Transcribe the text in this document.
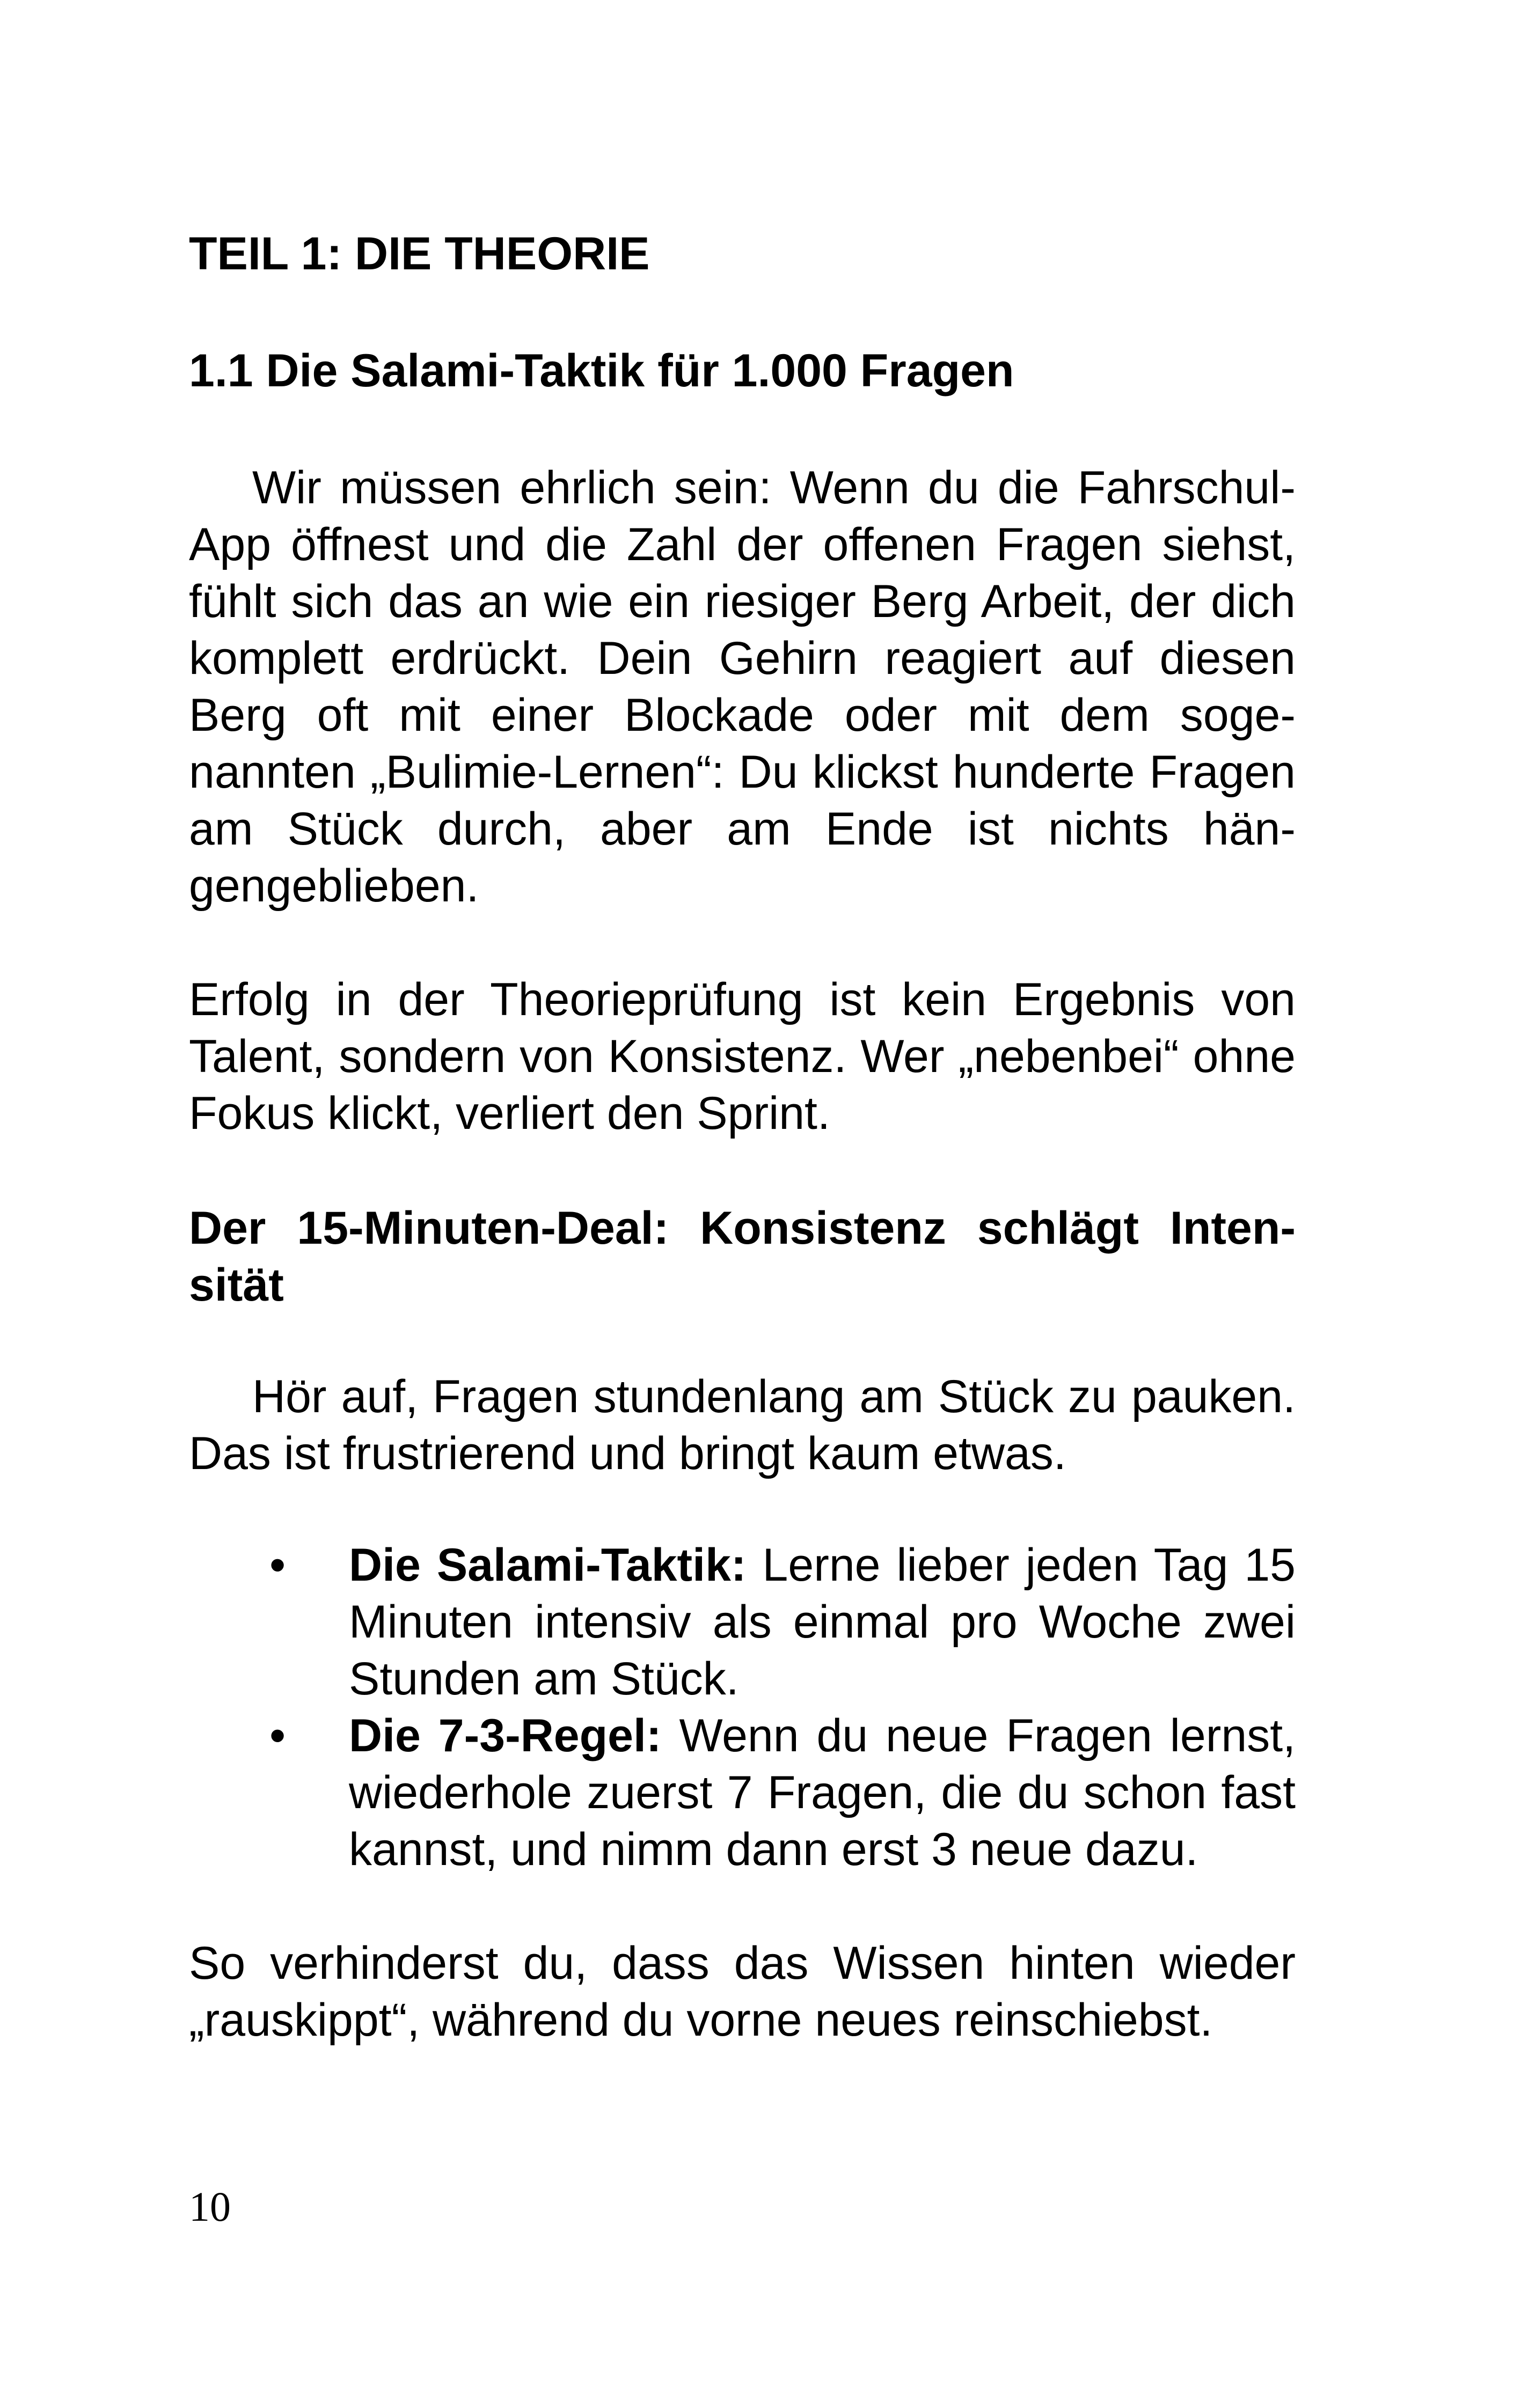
TEIL 1: DIE THEORIE
1.1 Die Salami-Taktik für 1.000 Fragen

Wir müssen ehrlich sein: Wenn du die Fahrschul-App öffnest und die Zahl der offenen Fragen siehst, fühlt sich das an wie ein riesiger Berg Arbeit, der dich komplett erdrückt. Dein Gehirn reagiert auf diesen Berg oft mit einer Blockade oder mit dem sogenannten „Bulimie-Lernen“: Du klickst hunderte Fragen am Stück durch, aber am Ende ist nichts hängengeblieben.

Erfolg in der Theorieprüfung ist kein Ergebnis von Talent, sondern von Konsistenz. Wer „nebenbei“ ohne Fokus klickt, verliert den Sprint.

Der 15-Minuten-Deal: Konsistenz schlägt Intensität

Hör auf, Fragen stundenlang am Stück zu pauken. Das ist frustrierend und bringt kaum etwas.

• Die Salami-Taktik: Lerne lieber jeden Tag 15 Minuten intensiv als einmal pro Woche zwei Stunden am Stück.
• Die 7-3-Regel: Wenn du neue Fragen lernst, wiederhole zuerst 7 Fragen, die du schon fast kannst, und nimm dann erst 3 neue dazu.

So verhinderst du, dass das Wissen hinten wieder „rauskippt“, während du vorne neues reinschiebst.

10
